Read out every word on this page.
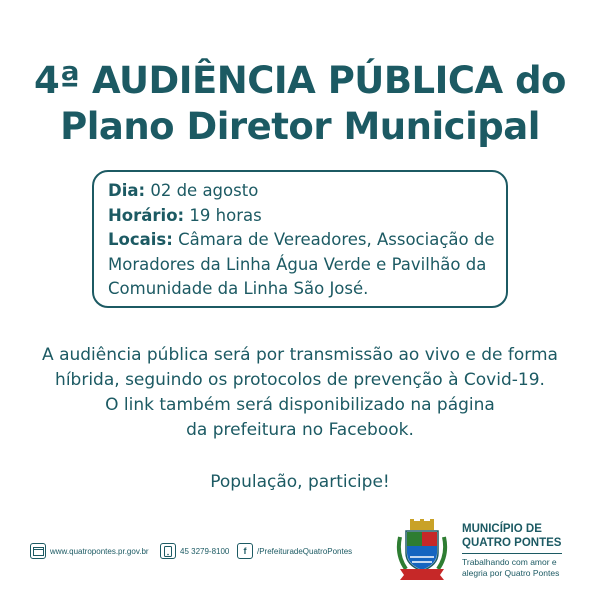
4ª AUDIÊNCIA PÚBLICA do
Plano Diretor Municipal
Dia: 02 de agosto
Horário: 19 horas
Locais: Câmara de Vereadores, Associação de
Moradores da Linha Água Verde e Pavilhão da
Comunidade da Linha São José.
A audiência pública será por transmissão ao vivo e de forma
híbrida, seguindo os protocolos de prevenção à Covid-19.
O link também será disponibilizado na página
da prefeitura no Facebook.
População, participe!
www.quatropontes.pr.gov.br	45 3279-8100	f	/PrefeituradeQuatroPontes
MUNICÍPIO DE
QUATRO PONTES
Trabalhando com amor e
alegria por Quatro Pontes
